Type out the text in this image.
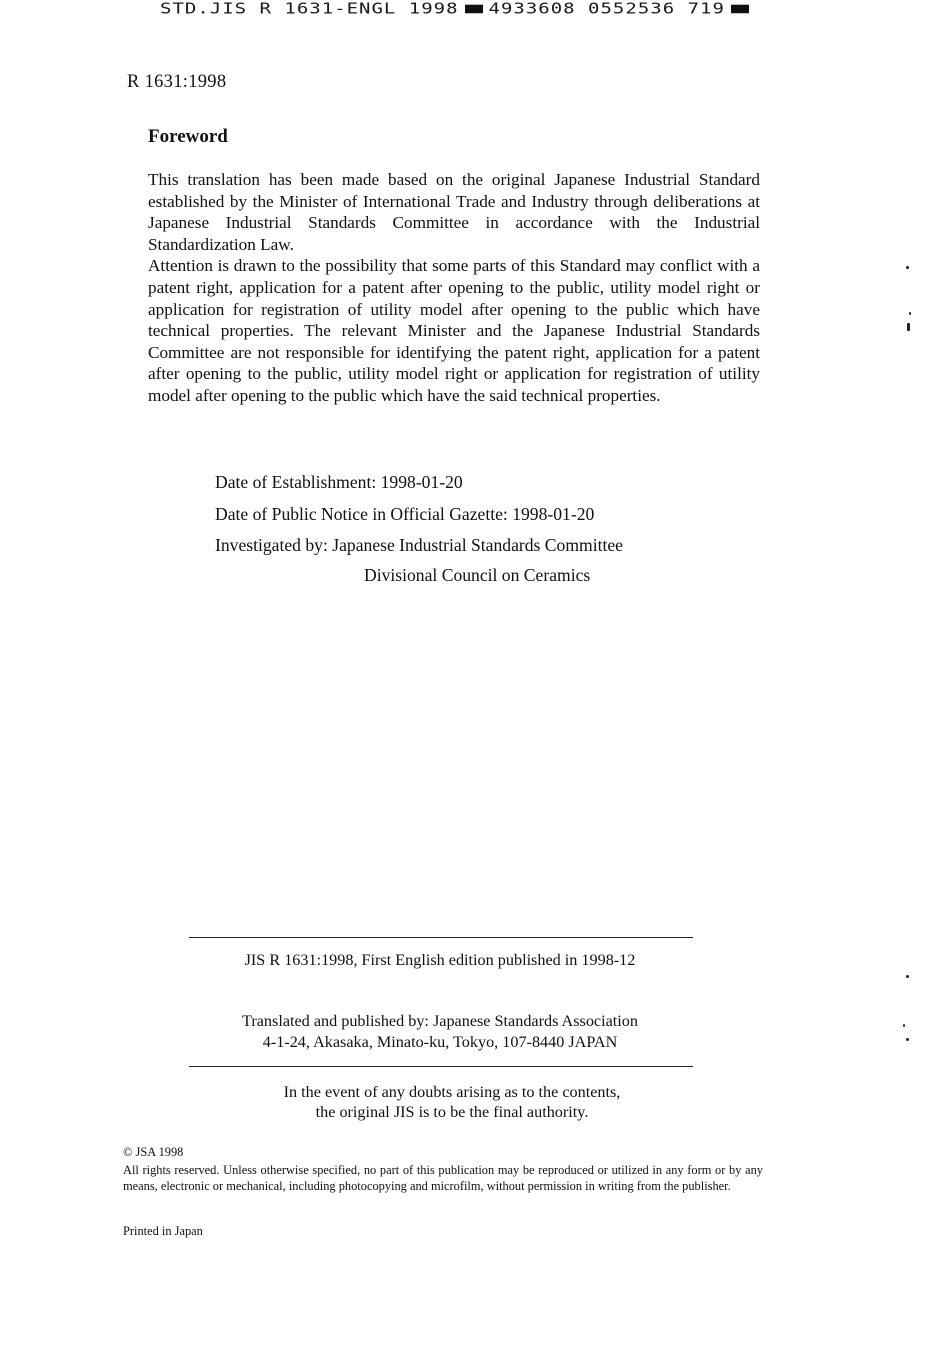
STD.JIS R 1631-ENGL 1998 4933608 0552536 719
R 1631:1998
Foreword

This translation has been made based on the original Japanese Industrial Standard established by the Minister of International Trade and Industry through deliberations at Japanese Industrial Standards Committee in accordance with the Industrial Standardization Law.

Attention is drawn to the possibility that some parts of this Standard may conflict with a patent right, application for a patent after opening to the public, utility model right or application for registration of utility model after opening to the public which have technical properties. The relevant Minister and the Japanese Industrial Standards Committee are not responsible for identifying the patent right, application for a patent after opening to the public, utility model right or application for registration of utility model after opening to the public which have the said technical properties.

Date of Establishment: 1998-01-20
Date of Public Notice in Official Gazette: 1998-01-20
Investigated by: Japanese Industrial Standards Committee
Divisional Council on Ceramics
JIS R 1631:1998, First English edition published in 1998-12
Translated and published by: Japanese Standards Association
4-1-24, Akasaka, Minato-ku, Tokyo, 107-8440 JAPAN
In the event of any doubts arising as to the contents,
the original JIS is to be the final authority.
© JSA 1998
All rights reserved. Unless otherwise specified, no part of this publication may be reproduced or utilized in any form or by any means, electronic or mechanical, including photocopying and microfilm, without permission in writing from the publisher.
Printed in Japan
